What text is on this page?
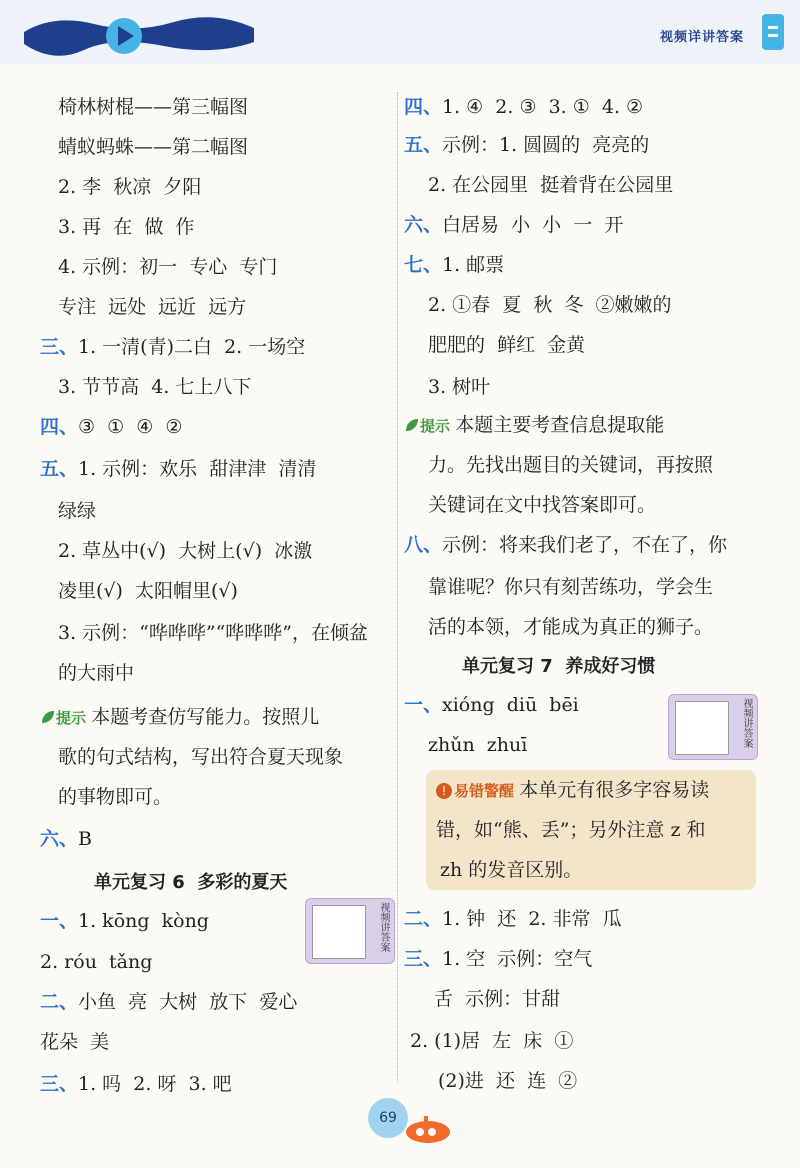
视频详讲答案
椅林树棍——第三幅图
蜻蚁蚂蛛——第二幅图
2. 李  秋凉  夕阳
3. 再  在  做  作
4. 示例：初一  专心  专门
专注  远处  远近  远方
三、1. 一清(青)二白  2. 一场空
3. 节节高  4. 七上八下
四、③  ①  ④  ②
五、1. 示例：欢乐  甜津津  清清
绿绿
2. 草丛中(√)  大树上(√)  冰激
凌里(√)  太阳帽里(√)
3. 示例：“哗哗哗”“哗哗哗”，在倾盆
的大雨中
提示 本题考查仿写能力。按照儿
歌的句式结构，写出符合夏天现象
的事物即可。
六、B
一、1. kōng  kòng
2. róu  tǎng
二、小鱼  亮  大树  放下  爱心
花朵  美
三、1. 吗  2. 呀  3. 吧
四、1. ④  2. ③  3. ①  4. ②
五、示例：1. 圆圆的  亮亮的
2. 在公园里  挺着背在公园里
六、白居易  小  小  一  开
七、1. 邮票
2. ①春  夏  秋  冬  ②嫩嫩的
肥肥的  鲜红  金黄
3. 树叶
提示 本题主要考查信息提取能
力。先找出题目的关键词，再按照
关键词在文中找答案即可。
八、示例：将来我们老了，不在了，你
靠谁呢？你只有刻苦练功，学会生
活的本领，才能成为真正的狮子。
一、xióng  diū  bēi
zhǔn  zhuī
二、1. 钟  还  2. 非常  瓜
三、1. 空  示例：空气
舌  示例：甘甜
2. (1)居  左  床  ①
(2)进  还  连  ②
单元复习 6  多彩的夏天
视频讲答案
单元复习 7  养成好习惯
视频讲答案
! 易错警醒 本单元有很多字容易读
错，如“熊、丢”；另外注意 z 和
zh 的发音区别。
69
